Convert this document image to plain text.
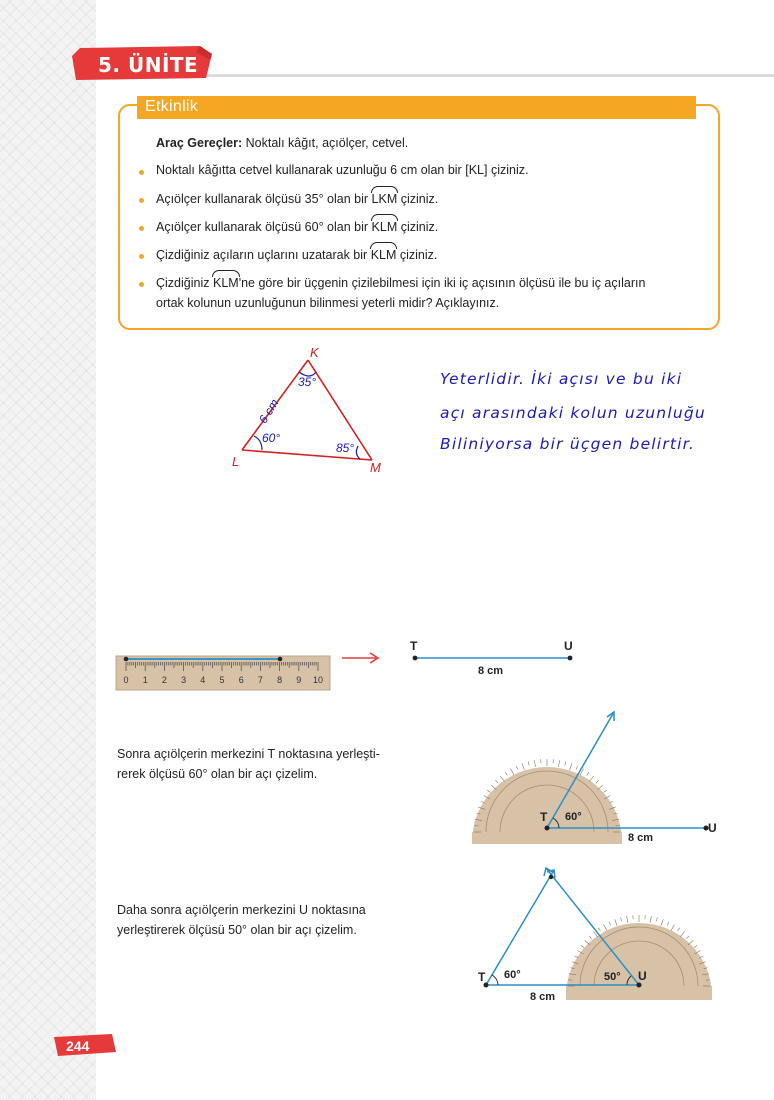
5. ÜNİTE
Etkinlik
Araç Gereçler: Noktalı kâğıt, açıölçer, cetvel.
Noktalı kâğıtta cetvel kullanarak uzunluğu 6 cm olan bir [KL] çiziniz.
Açıölçer kullanarak ölçüsü 35° olan bir LKM çiziniz.
Açıölçer kullanarak ölçüsü 60° olan bir KLM çiziniz.
Çizdiğiniz açıların uçlarını uzatarak bir KLM çiziniz.
Çizdiğiniz KLM'ne göre bir üçgenin çizilebilmesi için iki iç açısının ölçüsü ile bu iç açıların
ortak kolunun uzunluğunun bilinmesi yeterli midir? Açıklayınız.
K
L	M
35°
60°
85°
6 cm
Yeterlidir. İki açısı ve bu iki
açı arasındaki kolun uzunluğu
Biliniyorsa bir üçgen belirtir.
0 1 2 3 4 5 6 7 8 9 10
T	U
8 cm
Sonra açıölçerin merkezini T noktasına yerleşti-
rerek ölçüsü 60° olan bir açı çizelim.
T 60°
8 cm
U
Daha sonra açıölçerin merkezini U noktasına
yerleştirerek ölçüsü 50° olan bir açı çizelim.
T 60°	50° U
8 cm
244
